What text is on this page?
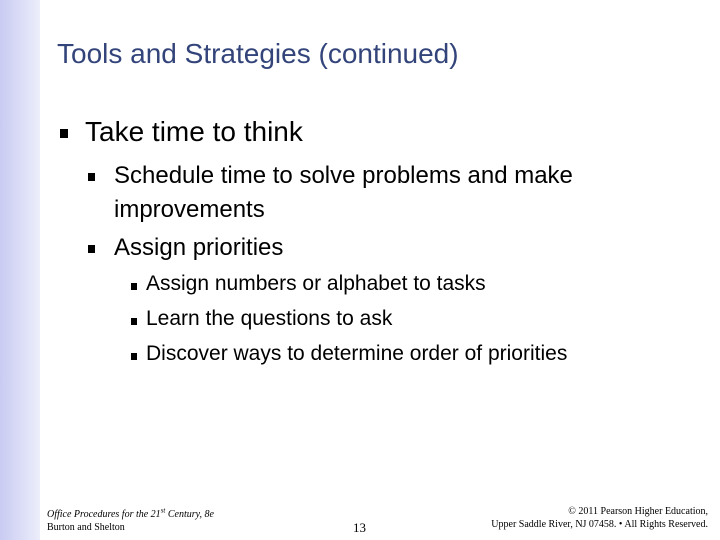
Tools and Strategies (continued)
Take time to think
Schedule time to solve problems and make
improvements
Assign priorities
Assign numbers or alphabet to tasks
Learn the questions to ask
Discover ways to determine order of priorities
Office Procedures for the 21st Century, 8e
Burton and Shelton	13
© 2011 Pearson Higher Education,
Upper Saddle River, NJ 07458. • All Rights Reserved.
